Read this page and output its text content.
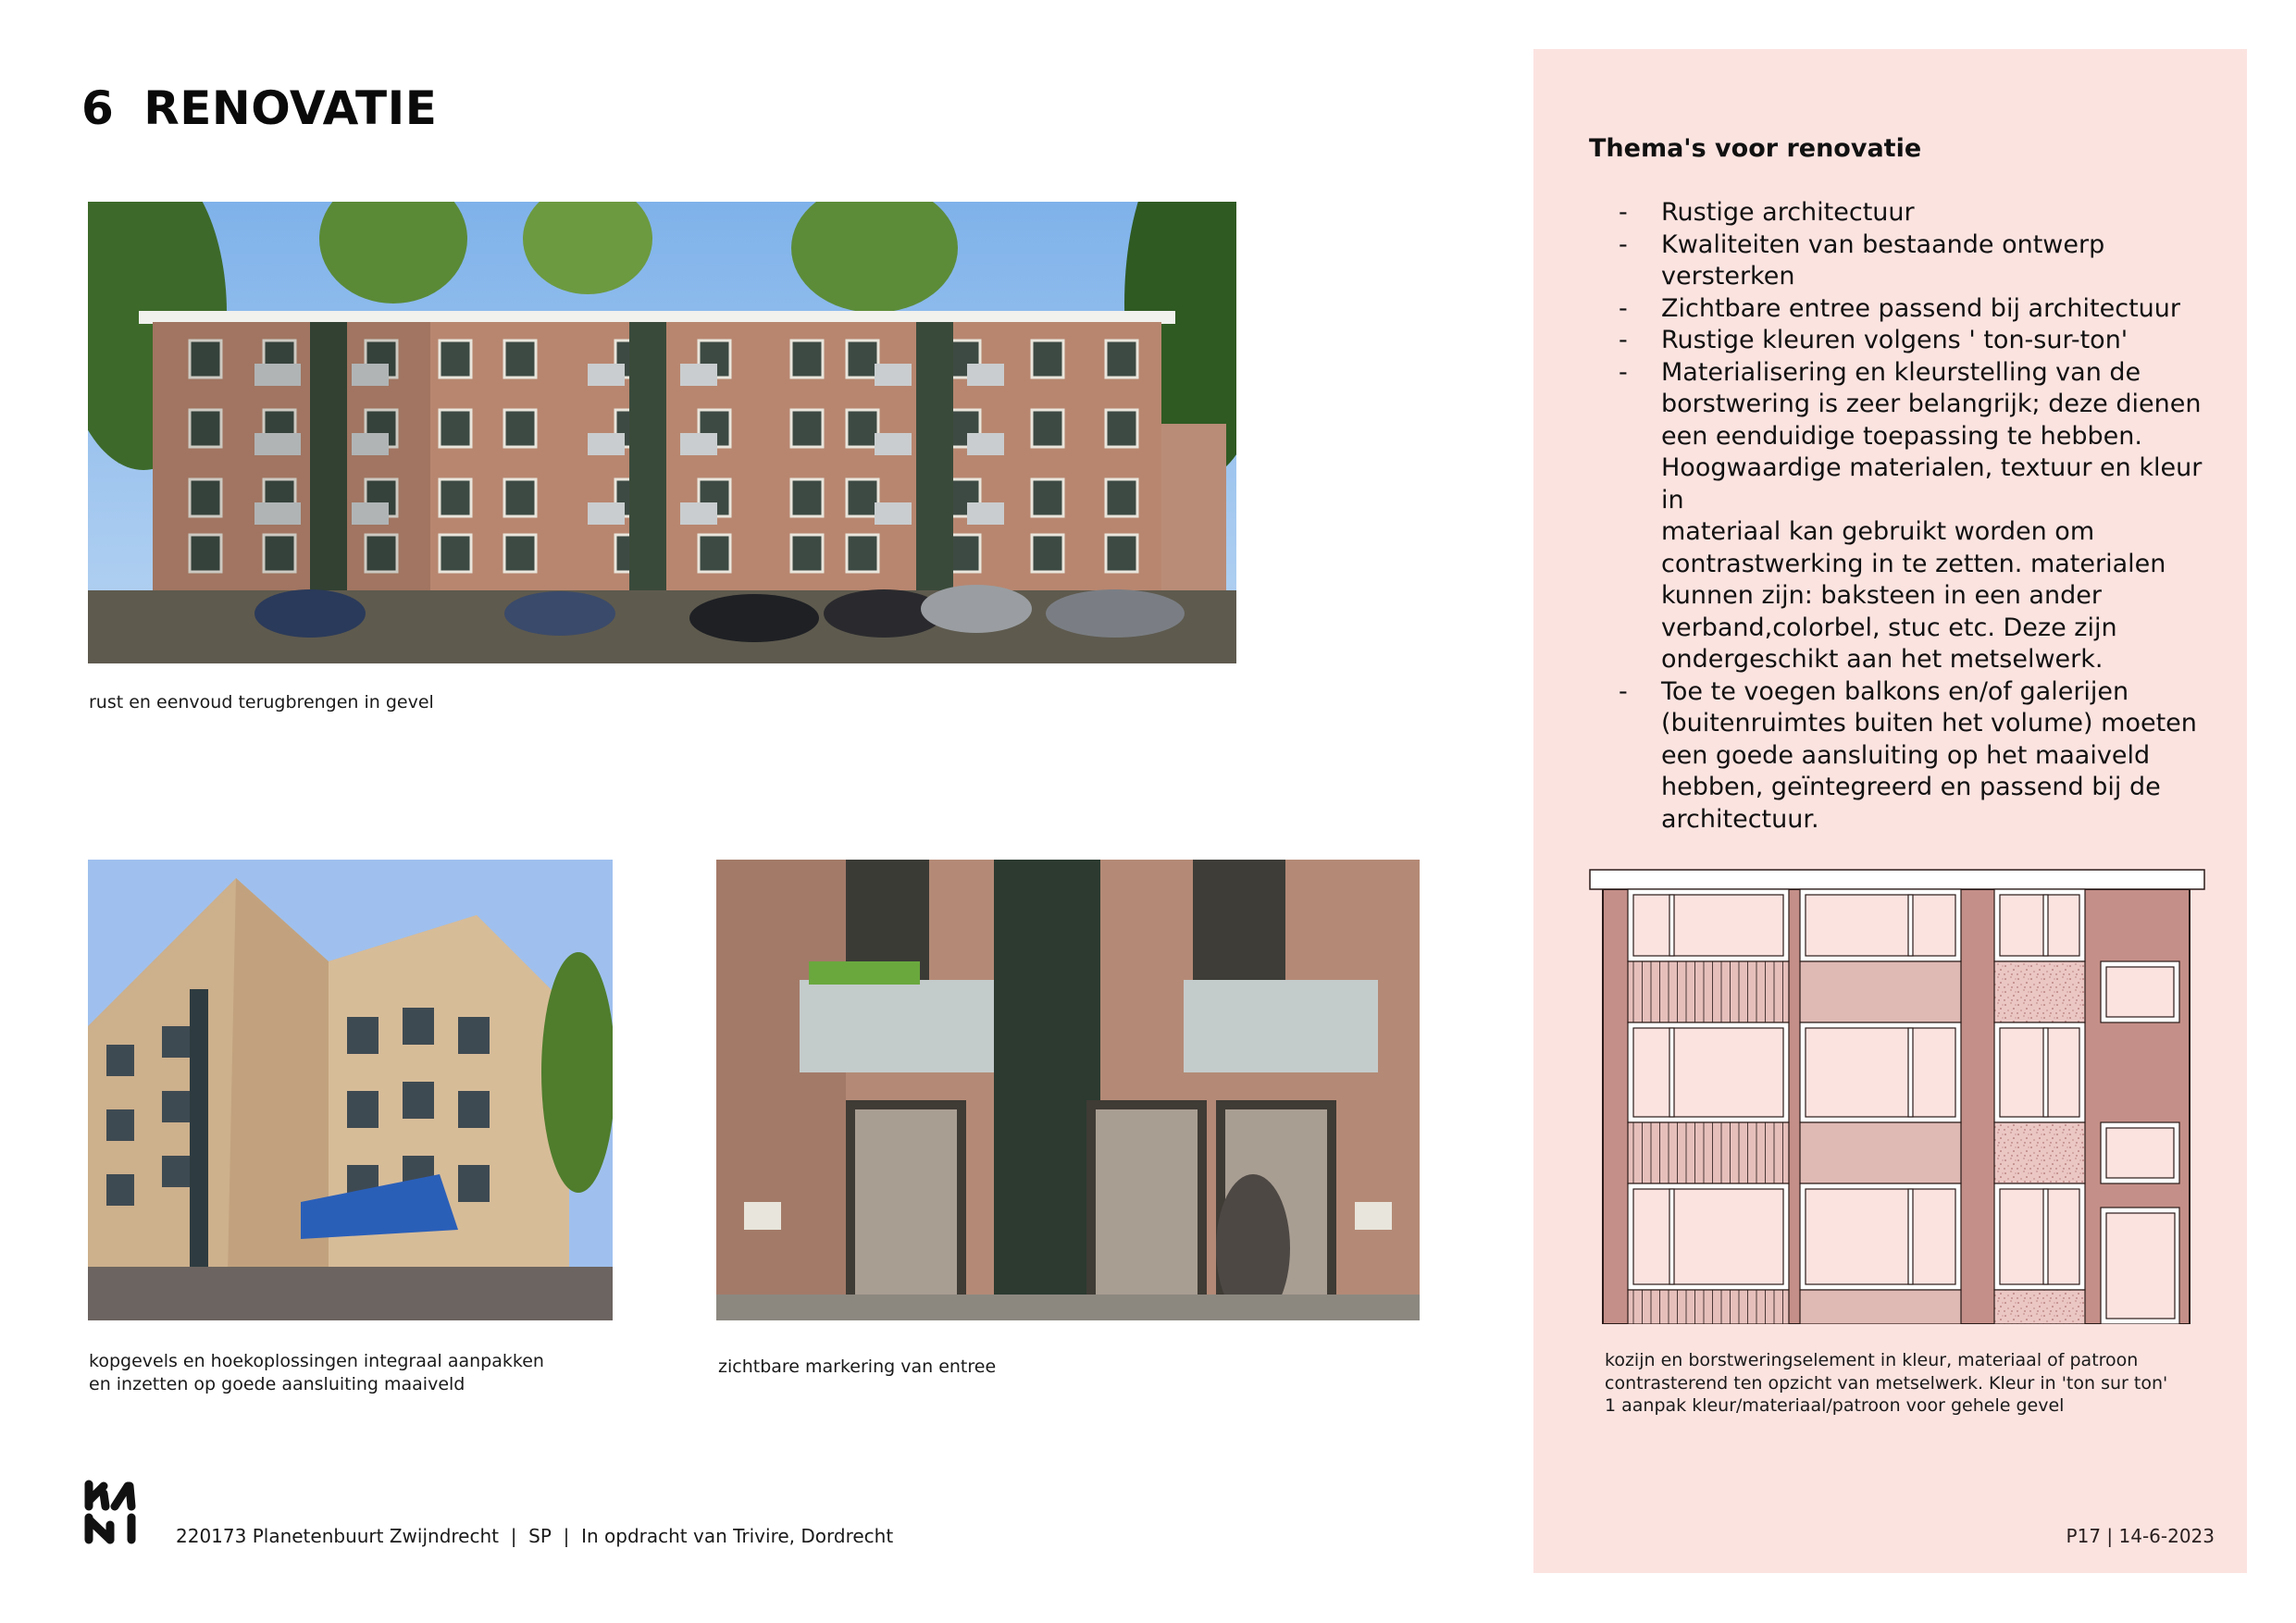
6 RENOVATIE
rust en eenvoud terugbrengen in gevel
kopgevels en hoekoplossingen integraal aanpakken
en inzetten op goede aansluiting maaiveld
zichtbare markering van entree
Thema's voor renovatie
- Rustige architectuur
- Kwaliteiten van bestaande ontwerp
versterken
- Zichtbare entree passend bij architectuur
- Rustige kleuren volgens ' ton-sur-ton'
- Materialisering en kleurstelling van de
borstwering is zeer belangrijk; deze dienen
een eenduidige toepassing te hebben.
Hoogwaardige materialen, textuur en kleur in
materiaal kan gebruikt worden om
contrastwerking in te zetten. materialen
kunnen zijn: baksteen in een ander
verband,colorbel, stuc etc. Deze zijn
ondergeschikt aan het metselwerk.
- Toe te voegen balkons en/of galerijen
(buitenruimtes buiten het volume) moeten
een goede aansluiting op het maaiveld
hebben, geïntegreerd en passend bij de
architectuur.
kozijn en borstweringselement in kleur, materiaal of patroon
contrasterend ten opzicht van metselwerk. Kleur in 'ton sur ton'
1 aanpak kleur/materiaal/patroon voor gehele gevel
P17 | 14-6-2023
220173 Planetenbuurt Zwijndrecht  |  SP  |  In opdracht van Trivire, Dordrecht
